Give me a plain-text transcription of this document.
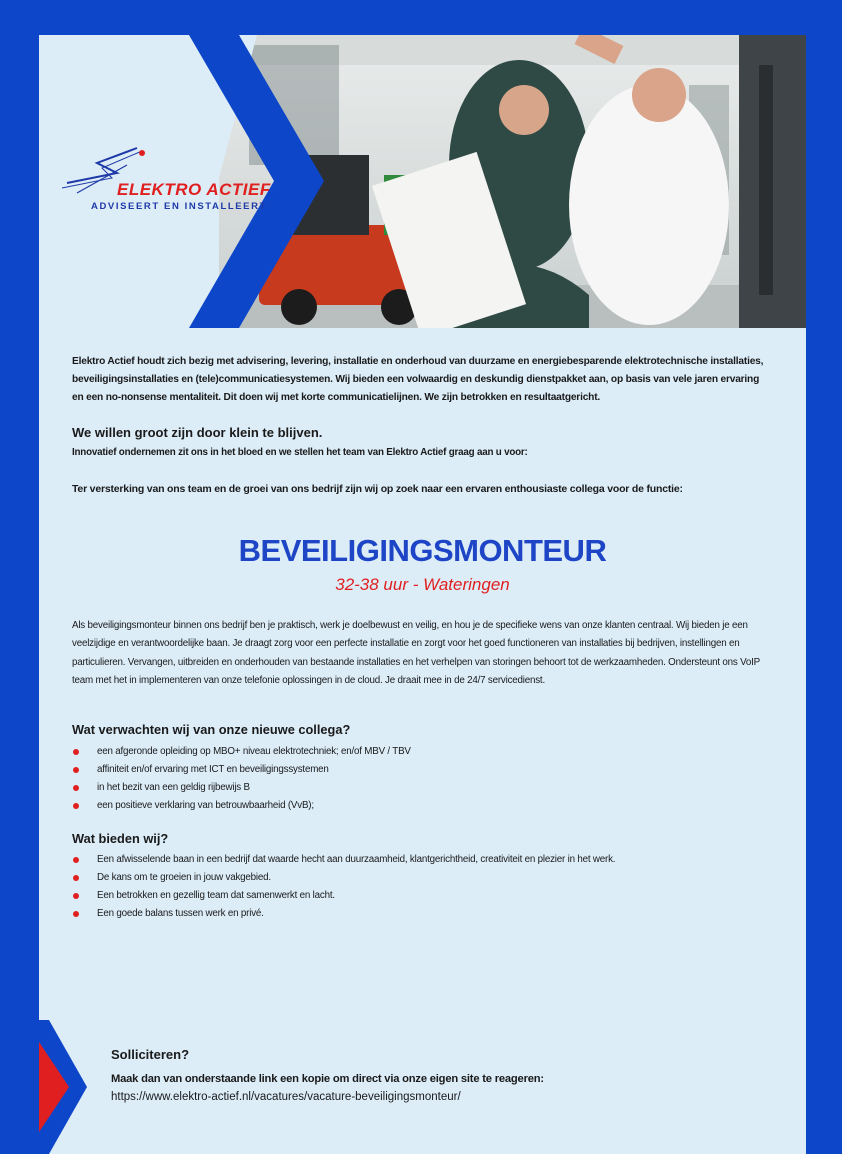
ELEKTRO ACTIEF
ADVISEERT EN INSTALLEERT
Elektro Actief houdt zich bezig met advisering, levering, installatie en onderhoud van duurzame en energiebesparende elektrotechnische installaties, beveiligingsinstallaties en (tele)communicatiesystemen. Wij bieden een volwaardig en deskundig dienstpakket aan, op basis van vele jaren ervaring en een no-nonsense mentaliteit. Dit doen wij met korte communicatielijnen. We zijn betrokken en resultaatgericht.
We willen groot zijn door klein te blijven.
Innovatief ondernemen zit ons in het bloed en we stellen het team van Elektro Actief graag aan u voor:
Ter versterking van ons team en de groei van ons bedrijf zijn wij op zoek naar een ervaren enthousiaste collega voor de functie:
BEVEILIGINGSMONTEUR
32-38 uur - Wateringen
Als beveiligingsmonteur binnen ons bedrijf ben je praktisch, werk je doelbewust en veilig, en hou je de specifieke wens van onze klanten centraal. Wij bieden je een veelzijdige en verantwoordelijke baan. Je draagt zorg voor een perfecte installatie en zorgt voor het goed functioneren van installaties bij bedrijven, instellingen en particulieren. Vervangen, uitbreiden en onderhouden van bestaande installaties en het verhelpen van storingen behoort tot de werkzaamheden. Ondersteunt ons VoIP team met het in implementeren van onze telefonie oplossingen in de cloud. Je draait mee in de 24/7 servicedienst.
Wat verwachten wij van onze nieuwe collega?
een afgeronde opleiding op MBO+ niveau elektrotechniek; en/of MBV / TBV
affiniteit en/of ervaring met ICT en beveiligingssystemen
in het bezit van een geldig rijbewijs B
een positieve verklaring van betrouwbaarheid (VvB);
Wat bieden wij?
Een afwisselende baan in een bedrijf dat waarde hecht aan duurzaamheid, klantgerichtheid, creativiteit en plezier in het werk.
De kans om te groeien in jouw vakgebied.
Een betrokken en gezellig team dat samenwerkt en lacht.
Een goede balans tussen werk en privé.
Solliciteren?
Maak dan van onderstaande link een kopie om direct via onze eigen site te reageren:
https://www.elektro-actief.nl/vacatures/vacature-beveiligingsmonteur/
